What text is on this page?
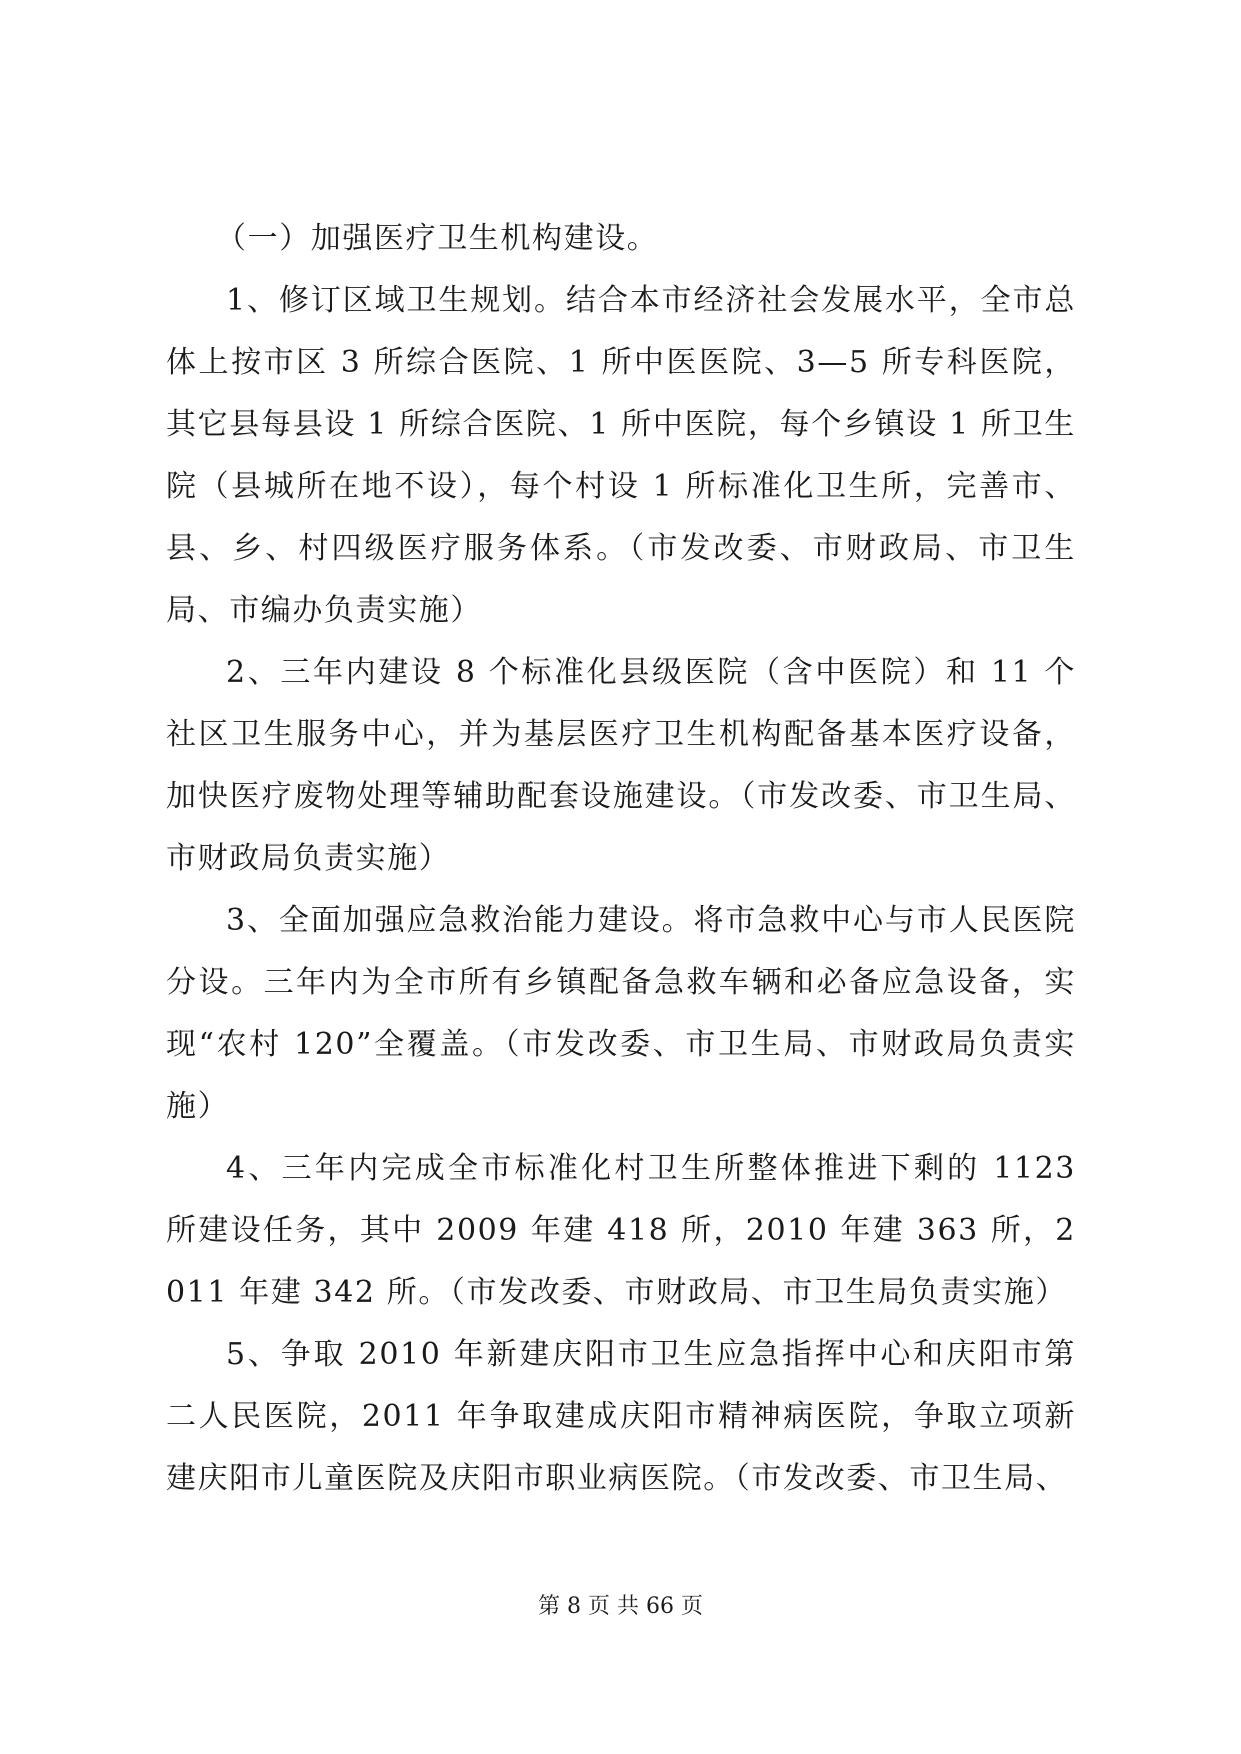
（一）加强医疗卫生机构建设。

1、修订区域卫生规划。结合本市经济社会发展水平，全市总体上按市区 3 所综合医院、1 所中医医院、3—5 所专科医院，其它县每县设 1 所综合医院、1 所中医院，每个乡镇设 1 所卫生院（县城所在地不设），每个村设 1 所标准化卫生所，完善市、县、乡、村四级医疗服务体系。（市发改委、市财政局、市卫生局、市编办负责实施）

2、三年内建设 8 个标准化县级医院（含中医院）和 11 个社区卫生服务中心，并为基层医疗卫生机构配备基本医疗设备，加快医疗废物处理等辅助配套设施建设。（市发改委、市卫生局、市财政局负责实施）

3、全面加强应急救治能力建设。将市急救中心与市人民医院分设。三年内为全市所有乡镇配备急救车辆和必备应急设备，实现“农村 120”全覆盖。（市发改委、市卫生局、市财政局负责实施）

4、三年内完成全市标准化村卫生所整体推进下剩的 1123 所建设任务，其中 2009 年建 418 所，2010 年建 363 所，2011 年建 342 所。（市发改委、市财政局、市卫生局负责实施）

5、争取 2010 年新建庆阳市卫生应急指挥中心和庆阳市第二人民医院，2011 年争取建成庆阳市精神病医院，争取立项新建庆阳市儿童医院及庆阳市职业病医院。（市发改委、市卫生局、

第 8 页 共 66 页
